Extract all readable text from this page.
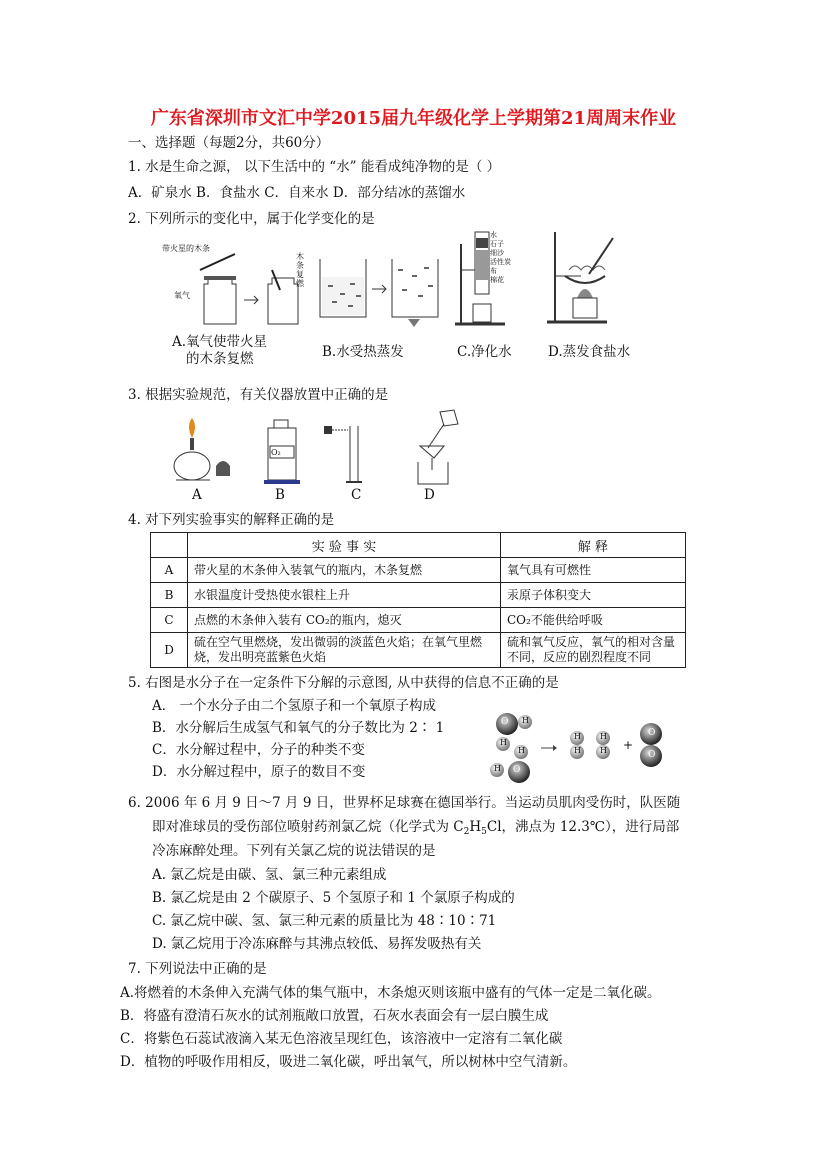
广东省深圳市文汇中学2015届九年级化学上学期第21周周末作业
一、选择题（每题2分，共60分）
1. 水是生命之源， 以下生活中的 “水” 能看成纯净物的是（ ）
A．矿泉水 B．食盐水 C．自来水 D．部分结冰的蒸馏水
2. 下列所示的变化中，属于化学变化的是
带火星的木条
氧气
木条复燃
水
石子
细沙
活性炭
布
棉花
A.氧气使带火星
的木条复燃	B.水受热蒸发	C.净化水	D.蒸发食盐水
3. 根据实验规范，有关仪器放置中正确的是
O₂
A	B	C	D
4. 对下列实验事实的解释正确的是
	实 验 事 实	解 释
A	带火星的木条伸入装氧气的瓶内，木条复燃	氧气具有可燃性
B	水银温度计受热使水银柱上升	汞原子体积变大
C	点燃的木条伸入装有 CO₂的瓶内，熄灭	CO₂不能供给呼吸
D	硫在空气里燃烧，发出微弱的淡蓝色火焰；在氧气里燃烧，发出明亮蓝紫色火焰	硫和氧气反应，氧气的相对含量不同，反应的剧烈程度不同
5. 右图是水分子在一定条件下分解的示意图, 从中获得的信息不正确的是
A． 一个水分子由二个氢原子和一个氧原子构成
B．水分解后生成氢气和氧气的分子数比为 2∶ 1
C．水分解过程中，分子的种类不变
D．水分解过程中，原子的数目不变
O H
H
H
H O
H
H
H
H +
O
O
6. 2006 年 6 月 9 日～7 月 9 日，世界杯足球赛在德国举行。当运动员肌肉受伤时，队医随
即对准球员的受伤部位喷射药剂氯乙烷（化学式为 $C_2H_5Cl$，沸点为 12.3℃），进行局部
冷冻麻醉处理。下列有关氯乙烷的说法错误的是
A. 氯乙烷是由碳、氢、氯三种元素组成
B. 氯乙烷是由 2 个碳原子、5 个氢原子和 1 个氯原子构成的
C. 氯乙烷中碳、氢、氯三种元素的质量比为 48∶10∶71
D. 氯乙烷用于冷冻麻醉与其沸点较低、易挥发吸热有关
7. 下列说法中正确的是
A.将燃着的木条伸入充满气体的集气瓶中，木条熄灭则该瓶中盛有的气体一定是二氧化碳。
B．将盛有澄清石灰水的试剂瓶敞口放置，石灰水表面会有一层白膜生成
C．将紫色石蕊试液滴入某无色溶液呈现红色，该溶液中一定溶有二氧化碳
D．植物的呼吸作用相反，吸进二氧化碳，呼出氧气，所以树林中空气清新。
